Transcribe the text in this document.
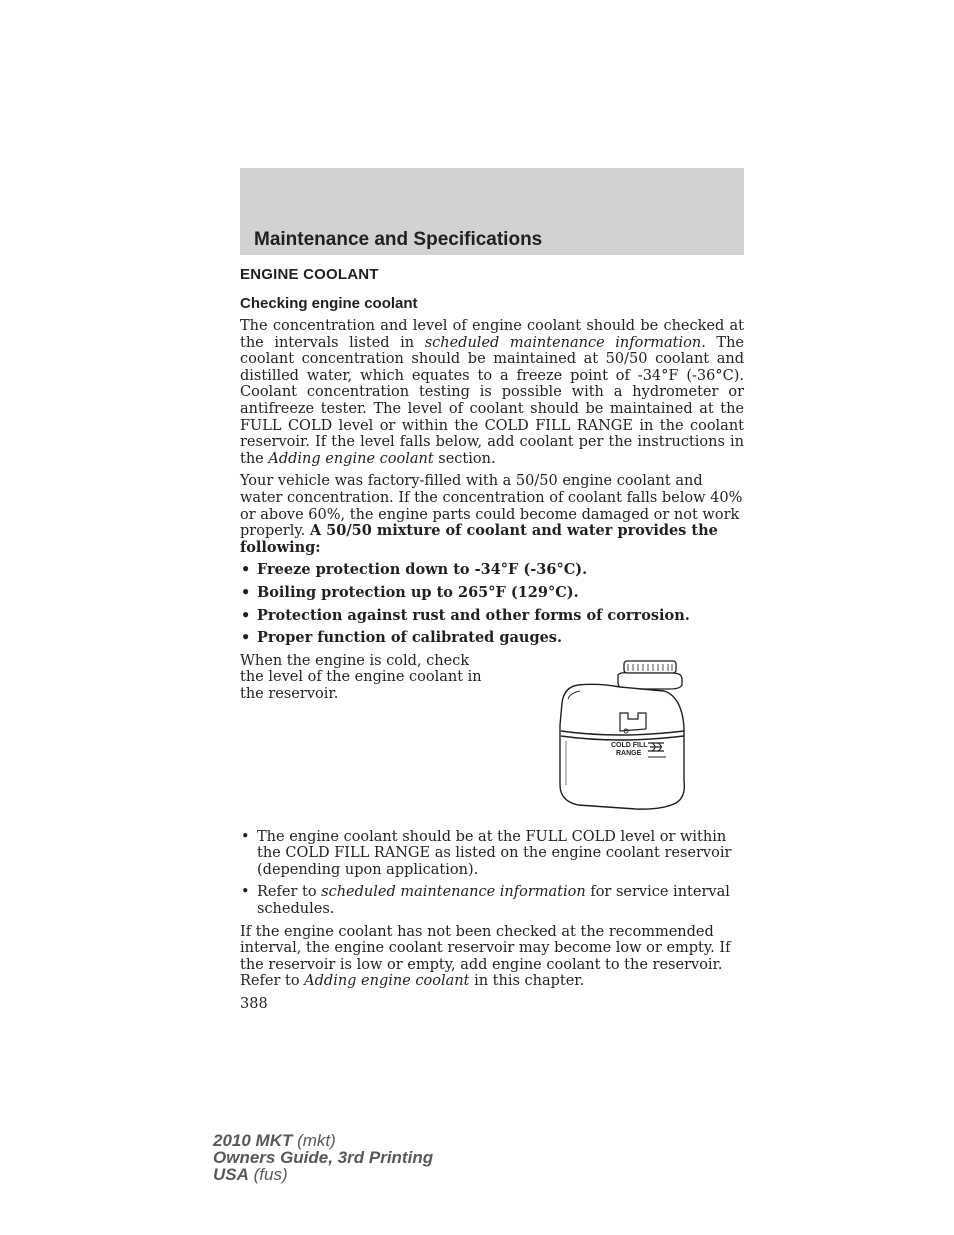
Maintenance and Specifications
ENGINE COOLANT
Checking engine coolant

The concentration and level of engine coolant should be checked at the intervals listed in scheduled maintenance information. The coolant concentration should be maintained at 50/50 coolant and distilled water, which equates to a freeze point of -34°F (-36°C). Coolant concentration testing is possible with a hydrometer or antifreeze tester. The level of coolant should be maintained at the FULL COLD level or within the COLD FILL RANGE in the coolant reservoir. If the level falls below, add coolant per the instructions in the Adding engine coolant section.

Your vehicle was factory-filled with a 50/50 engine coolant and water concentration. If the concentration of coolant falls below 40% or above 60%, the engine parts could become damaged or not work properly. A 50/50 mixture of coolant and water provides the following:

• Freeze protection down to -34°F (-36°C).
• Boiling protection up to 265°F (129°C).
• Protection against rust and other forms of corrosion.
• Proper function of calibrated gauges.

When the engine is cold, check the level of the engine coolant in the reservoir.

COLD FILL
RANGE
• The engine coolant should be at the FULL COLD level or within the COLD FILL RANGE as listed on the engine coolant reservoir (depending upon application).
• Refer to scheduled maintenance information for service interval schedules.

If the engine coolant has not been checked at the recommended interval, the engine coolant reservoir may become low or empty. If the reservoir is low or empty, add engine coolant to the reservoir. Refer to Adding engine coolant in this chapter.

388
2010 MKT (mkt)
Owners Guide, 3rd Printing
USA (fus)
